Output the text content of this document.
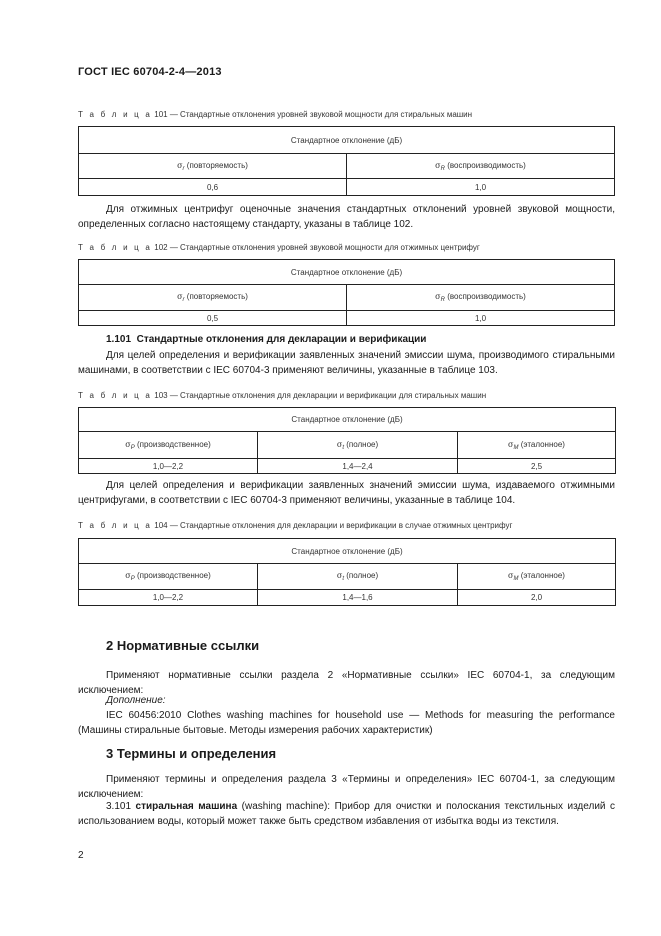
ГОСТ IEC 60704-2-4—2013
Т а б л и ц а 101 — Стандартные отклонения уровней звуковой мощности для стиральных машин
Стандартное отклонение (дБ)	
$\sigma_r$ (повторяемость)	$\sigma_R$ (воспроизводимость)
0,6	1,0
Для отжимных центрифуг оценочные значения стандартных отклонений уровней звуковой мощности, определенных согласно настоящему стандарту, указаны в таблице 102.
Т а б л и ц а 102 — Стандартные отклонения уровней звуковой мощности для отжимных центрифуг
Стандартное отклонение (дБ)	
$\sigma_r$ (повторяемость)	$\sigma_R$ (воспроизводимость)
0,5	1,0
1.101 Стандартные отклонения для декларации и верификации
Для целей определения и верификации заявленных значений эмиссии шума, производимого стиральными машинами, в соответствии с IEC 60704-3 применяют величины, указанные в таблице 103.
Т а б л и ц а 103 — Стандартные отклонения для декларации и верификации для стиральных машин
Стандартное отклонение (дБ)		
$\sigma_P$ (производственное)	$\sigma_t$ (полное)	$\sigma_M$ (эталонное)
1,0—2,2	1,4—2,4	2,5
Для целей определения и верификации заявленных значений эмиссии шума, издаваемого отжимными центрифугами, в соответствии с IEC 60704-3 применяют величины, указанные в таблице 104.
Т а б л и ц а 104 — Стандартные отклонения для декларации и верификации в случае отжимных центрифуг
Стандартное отклонение (дБ)		
$\sigma_P$ (производственное)	$\sigma_t$ (полное)	$\sigma_M$ (эталонное)
1,0—2,2	1,4—1,6	2,0
2 Нормативные ссылки
Применяют нормативные ссылки раздела 2 «Нормативные ссылки» IEC 60704-1, за следующим исключением:
Дополнение:
IEC 60456:2010 Clothes washing machines for household use — Methods for measuring the performance (Машины стиральные бытовые. Методы измерения рабочих характеристик)
3 Термины и определения
Применяют термины и определения раздела 3 «Термины и определения» IEC 60704-1, за следующим исключением:
3.101 стиральная машина (washing machine): Прибор для очистки и полоскания текстильных изделий с использованием воды, который может также быть средством избавления от избытка воды из текстиля.
2
